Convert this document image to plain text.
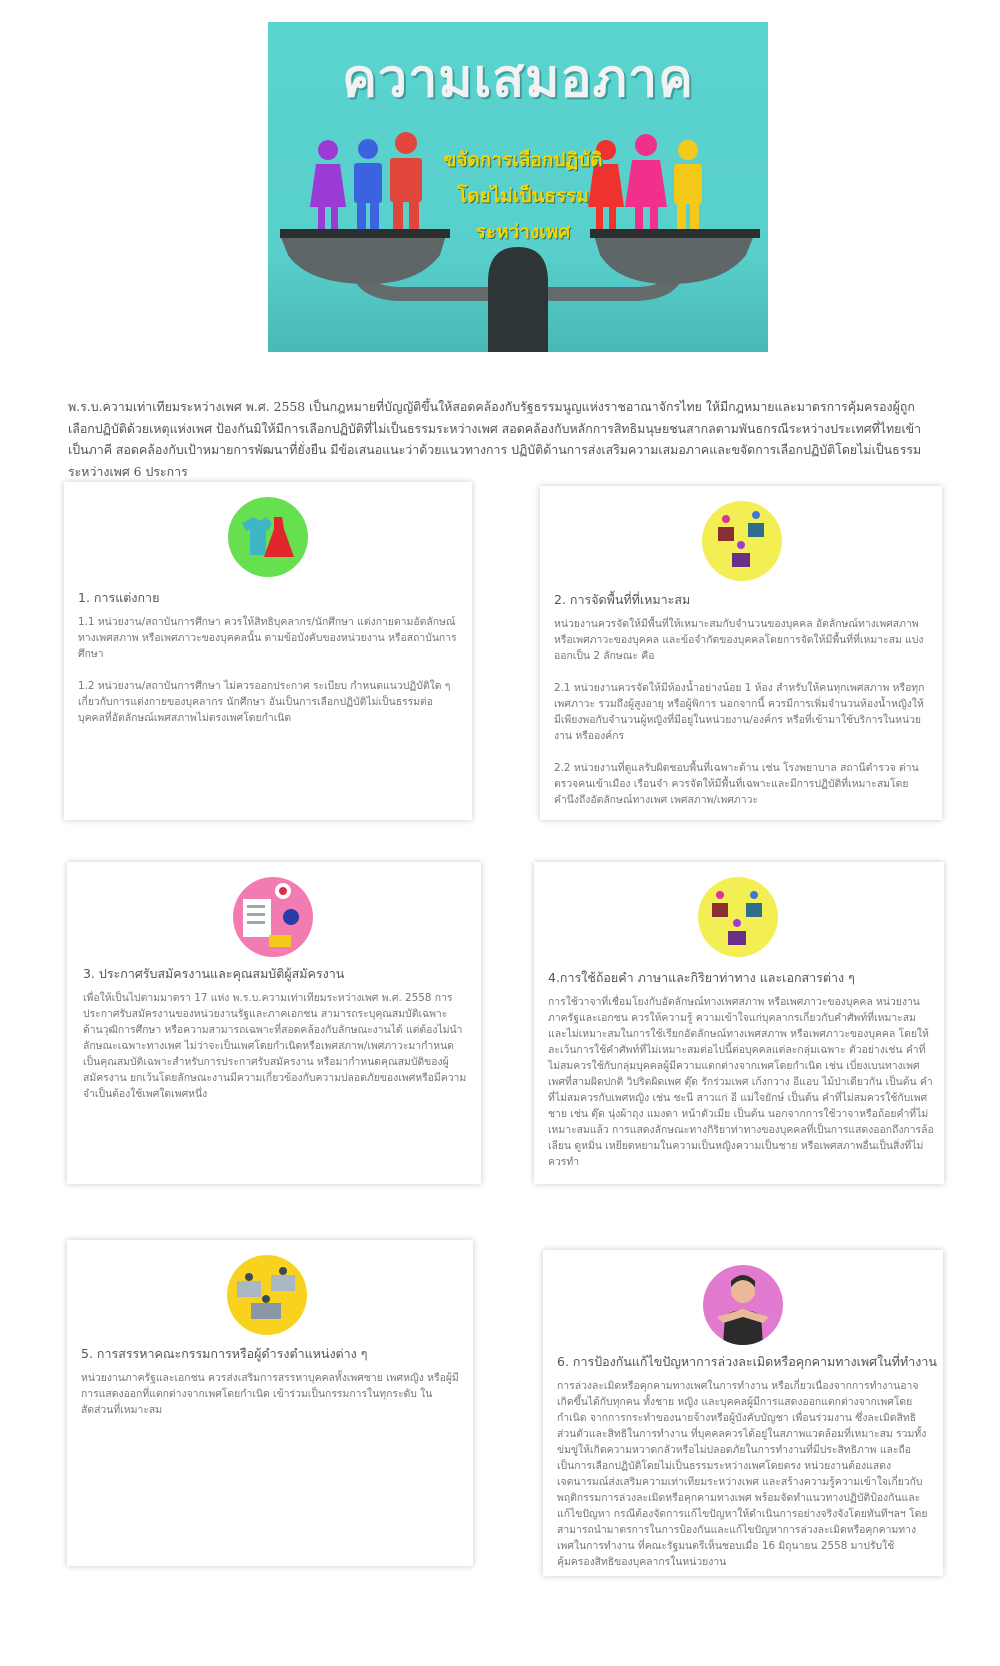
ความเสมอภาค
ขจัดการเลือกปฏิบัติ
โดยไม่เป็นธรรม
ระหว่างเพศ
พ.ร.บ.ความเท่าเทียมระหว่างเพศ พ.ศ. 2558 เป็นกฎหมายที่บัญญัติขึ้นให้สอดคล้องกับรัฐธรรมนูญแห่งราชอาณาจักรไทย ให้มีกฎหมายและมาตรการคุ้มครองผู้ถูกเลือกปฏิบัติด้วยเหตุแห่งเพศ ป้องกันมิให้มีการเลือกปฏิบัติที่ไม่เป็นธรรมระหว่างเพศ สอดคล้องกับหลักการสิทธิมนุษยชนสากลตามพันธกรณีระหว่างประเทศที่ไทยเข้าเป็นภาคี สอดคล้องกับเป้าหมายการพัฒนาที่ยั่งยืน มีข้อเสนอแนะว่าด้วยแนวทางการ ปฏิบัติด้านการส่งเสริมความเสมอภาคและขจัดการเลือกปฏิบัติโดยไม่เป็นธรรมระหว่างเพศ 6 ประการ
1. การแต่งกาย

1.1 หน่วยงาน/สถาบันการศึกษา ควรให้สิทธิบุคลากร/นักศึกษา แต่งกายตามอัตลักษณ์ทางเพศสภาพ หรือเพศภาวะของบุคคลนั้น ตามข้อบังคับของหน่วยงาน หรือสถาบันการศึกษา

1.2 หน่วยงาน/สถาบันการศึกษา ไม่ควรออกประกาศ ระเบียบ กำหนดแนวปฏิบัติใด ๆ เกี่ยวกับการแต่งกายของบุคลากร นักศึกษา อันเป็นการเลือกปฏิบัติไม่เป็นธรรมต่อบุคคลที่อัตลักษณ์เพศสภาพไม่ตรงเพศโดยกำเนิด

2. การจัดพื้นที่ที่เหมาะสม

หน่วยงานควรจัดให้มีพื้นที่ให้เหมาะสมกับจำนวนของบุคคล อัตลักษณ์ทางเพศสภาพ หรือเพศภาวะของบุคคล และข้อจำกัดของบุคคลโดยการจัดให้มีพื้นที่ที่เหมาะสม แบ่งออกเป็น 2 ลักษณะ คือ

2.1 หน่วยงานควรจัดให้มีห้องน้ำอย่างน้อย 1 ห้อง สำหรับให้คนทุกเพศสภาพ หรือทุกเพศภาวะ รวมถึงผู้สูงอายุ หรือผู้พิการ นอกจากนี้ ควรมีการเพิ่มจำนวนห้องน้ำหญิงให้มีเพียงพอกับจำนวนผู้หญิงที่มีอยู่ในหน่วยงาน/องค์กร หรือที่เข้ามาใช้บริการในหน่วยงาน หรือองค์กร

2.2 หน่วยงานที่ดูแลรับผิดชอบพื้นที่เฉพาะด้าน เช่น โรงพยาบาล สถานีตำรวจ ด่านตรวจคนเข้าเมือง เรือนจำ ควรจัดให้มีพื้นที่เฉพาะและมีการปฏิบัติที่เหมาะสมโดยคำนึงถึงอัตลักษณ์ทางเพศ เพศสภาพ/เพศภาวะ

3. ประกาศรับสมัครงานและคุณสมบัติผู้สมัครงาน

เพื่อให้เป็นไปตามมาตรา 17 แห่ง พ.ร.บ.ความเท่าเทียมระหว่างเพศ พ.ศ. 2558 การประกาศรับสมัครงานของหน่วยงานรัฐและภาคเอกชน สามารถระบุคุณสมบัติเฉพาะด้านวุฒิการศึกษา หรือความสามารถเฉพาะที่สอดคล้องกับลักษณะงานได้ แต่ต้องไม่นำลักษณะเฉพาะทางเพศ ไม่ว่าจะเป็นเพศโดยกำเนิดหรือเพศสภาพ/เพศภาวะมากำหนดเป็นคุณสมบัติเฉพาะสำหรับการประกาศรับสมัครงาน หรือมากำหนดคุณสมบัติของผู้สมัครงาน ยกเว้นโดยลักษณะงานมีความเกี่ยวข้องกับความปลอดภัยของเพศหรือมีความจำเป็นต้องใช้เพศใดเพศหนึ่ง

4.การใช้ถ้อยคำ ภาษาและกิริยาท่าทาง และเอกสารต่าง ๆ

การใช้วาจาที่เชื่อมโยงกับอัตลักษณ์ทางเพศสภาพ หรือเพศภาวะของบุคคล หน่วยงานภาครัฐและเอกชน ควรให้ความรู้ ความเข้าใจแก่บุคลากรเกี่ยวกับคำศัพท์ที่เหมาะสม และไม่เหมาะสมในการใช้เรียกอัตลักษณ์ทางเพศสภาพ หรือเพศภาวะของบุคคล โดยให้ละเว้นการใช้คำศัพท์ที่ไม่เหมาะสมต่อไปนี้ต่อบุคคลแต่ละกลุ่มเฉพาะ ตัวอย่างเช่น คำที่ไม่สมควรใช้กับกลุ่มบุคคลผู้มีความแตกต่างจากเพศโดยกำเนิด เช่น เบี่ยงเบนทางเพศ เพศที่สามผิดปกติ วิปริตผิดเพศ ตุ๊ด รักร่วมเพศ เก้งกวาง อีแอบ ไม้ป่าเดียวกัน เป็นต้น คำที่ไม่สมควรกับเพศหญิง เช่น ชะนี สาวแก่ อี แม่ใจยักษ์ เป็นต้น คำที่ไม่สมควรใช้กับเพศชาย เช่น ตุ๊ด นุ่งผ้าถุง แมงดา หน้าตัวเมีย เป็นต้น นอกจากการใช้วาจาหรือถ้อยคำที่ไม่เหมาะสมแล้ว การแสดงลักษณะทางกิริยาท่าทางของบุคคลที่เป็นการแสดงออกถึงการล้อเลียน ดูหมิ่น เหยียดหยามในความเป็นหญิงความเป็นชาย หรือเพศสภาพอื่นเป็นสิ่งที่ไม่ควรทำ

5. การสรรหาคณะกรรมการหรือผู้ดำรงตำแหน่งต่าง ๆ

หน่วยงานภาครัฐและเอกชน ควรส่งเสริมการสรรหาบุคคลทั้งเพศชาย เพศหญิง หรือผู้มีการแสดงออกที่แตกต่างจากเพศโดยกำเนิด เข้าร่วมเป็นกรรมการในทุกระดับ ในสัดส่วนที่เหมาะสม

6. การป้องกันแก้ไขปัญหาการล่วงละเมิดหรือคุกคามทางเพศในที่ทำงาน

การล่วงละเมิดหรือคุกคามทางเพศในการทำงาน หรือเกี่ยวเนื่องจากการทำงานอาจเกิดขึ้นได้กับทุกคน ทั้งชาย หญิง และบุคคลผู้มีการแสดงออกแตกต่างจากเพศโดยกำเนิด จากการกระทำของนายจ้างหรือผู้บังคับบัญชา เพื่อนร่วมงาน ซึ่งละเมิดสิทธิส่วนตัวและสิทธิในการทำงาน ที่บุคคลควรได้อยู่ในสภาพแวดล้อมที่เหมาะสม รวมทั้งข่มขู่ให้เกิดความหวาดกลัวหรือไม่ปลอดภัยในการทำงานที่มีประสิทธิภาพ และถือเป็นการเลือกปฏิบัติโดยไม่เป็นธรรมระหว่างเพศโดยตรง หน่วยงานต้องแสดงเจตนารมณ์ส่งเสริมความเท่าเทียมระหว่างเพศ และสร้างความรู้ความเข้าใจเกี่ยวกับพฤติกรรมการล่วงละเมิดหรือคุกคามทางเพศ พร้อมจัดทำแนวทางปฏิบัติป้องกันและแก้ไขปัญหา กรณีต้องจัดการแก้ไขปัญหาให้ดำเนินการอย่างจริงจังโดยทันทีฯลฯ โดยสามารถนำมาตรการในการป้องกันและแก้ไขปัญหาการล่วงละเมิดหรือคุกคามทางเพศในการทำงาน ที่คณะรัฐมนตรีเห็นชอบเมื่อ 16 มิถุนายน 2558 มาปรับใช้คุ้มครองสิทธิของบุคลากรในหน่วยงาน
